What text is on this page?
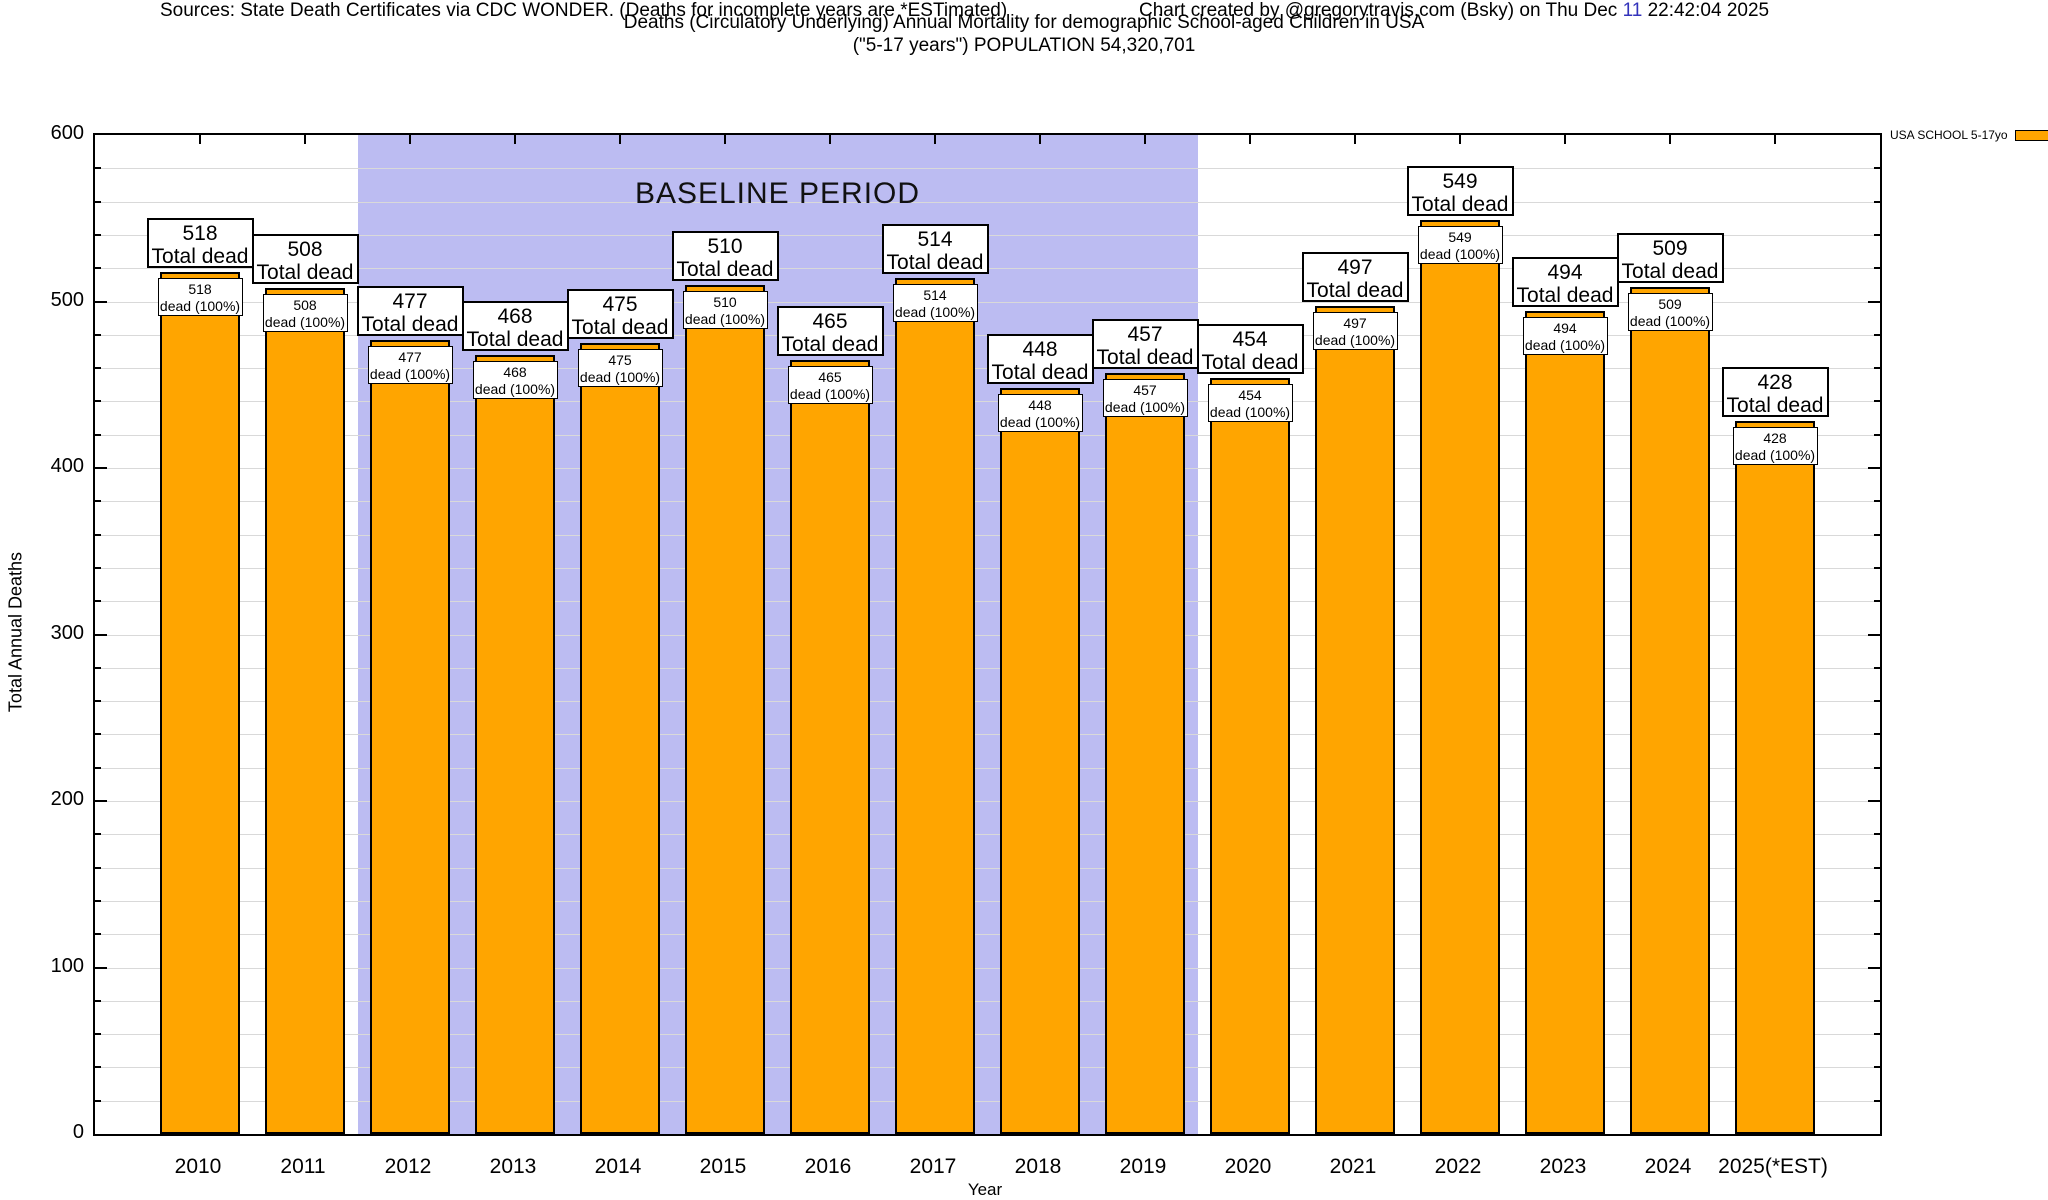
Deaths (Circulatory Underlying) Annual Mortality for demographic School-aged Children in USA
("5-17 years") POPULATION 54,320,701
Sources: State Death Certificates via CDC WONDER. (Deaths for incomplete years are *ESTimated)	Chart created by @gregorytravis.com (Bsky) on Thu Dec 11 22:42:04 2025
Total Annual Deaths
518
Total dead
518
dead (100%)
508
Total dead
508
dead (100%)
477
Total dead
477
dead (100%)
468
Total dead
468
dead (100%)
475
Total dead
475
dead (100%)
510
Total dead
510
dead (100%)	465
Total dead
465
dead (100%)
514
Total dead
514
dead (100%)
448
Total dead
448
dead (100%)
457
Total dead
457
dead (100%)
454
Total dead
454
dead (100%)
497
Total dead
497
dead (100%)
549
Total dead
549
dead (100%)
494
Total dead
494
dead (100%)
509
Total dead
509
dead (100%)
428
Total dead
428
dead (100%)
BASELINE PERIOD
Year
USA SCHOOL 5-17yo
0
100
200
300
400
500
600
2010	2011	2012	2013	2014	2015	2016	2017	2018	2019	2020	2021	2022	2023	2024	2025(*EST)
